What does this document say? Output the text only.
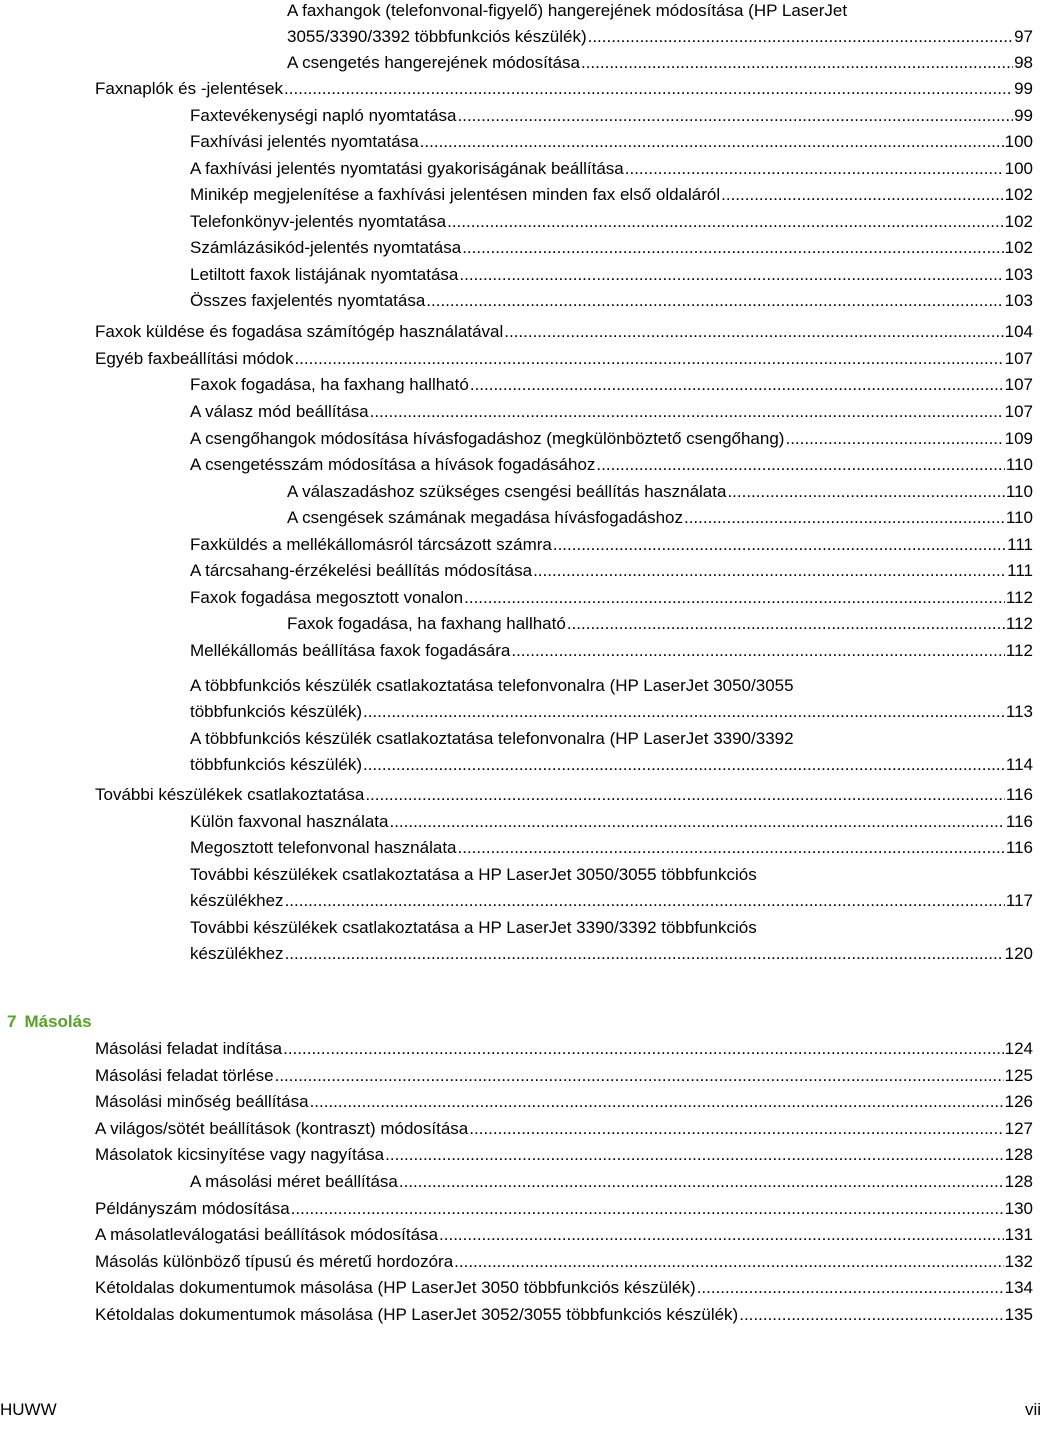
A faxhangok (telefonvonal-figyelő) hangerejének módosítása (HP LaserJet
3055/3390/3392 többfunkciós készülék) .....	97
A csengetés hangerejének módosítása .....	98
Faxnaplók és -jelentések .....	99
Faxtevékenységi napló nyomtatása .....	99
Faxhívási jelentés nyomtatása .....	100
A faxhívási jelentés nyomtatási gyakoriságának beállítása .....	100
Minikép megjelenítése a faxhívási jelentésen minden fax első oldaláról .....	102
Telefonkönyv-jelentés nyomtatása .....	102
Számlázásikód-jelentés nyomtatása .....	102
Letiltott faxok listájának nyomtatása .....	103
Összes faxjelentés nyomtatása .....	103
Faxok küldése és fogadása számítógép használatával .....	104
Egyéb faxbeállítási módok .....	107
Faxok fogadása, ha faxhang hallható .....	107
A válasz mód beállítása .....	107
A csengőhangok módosítása hívásfogadáshoz (megkülönböztető csengőhang) .....	109
A csengetésszám módosítása a hívások fogadásához .....	110
A válaszadáshoz szükséges csengési beállítás használata .....	110
A csengések számának megadása hívásfogadáshoz .....	110
Faxküldés a mellékállomásról tárcsázott számra .....	111
A tárcsahang-érzékelési beállítás módosítása .....	111
Faxok fogadása megosztott vonalon .....	112
Faxok fogadása, ha faxhang hallható .....	112
Mellékállomás beállítása faxok fogadására .....	112
A többfunkciós készülék csatlakoztatása telefonvonalra (HP LaserJet 3050/3055
többfunkciós készülék) .....	113
A többfunkciós készülék csatlakoztatása telefonvonalra (HP LaserJet 3390/3392
többfunkciós készülék) .....	114
További készülékek csatlakoztatása .....	116
Külön faxvonal használata .....	116
Megosztott telefonvonal használata .....	116
További készülékek csatlakoztatása a HP LaserJet 3050/3055 többfunkciós
készülékhez .....	117
További készülékek csatlakoztatása a HP LaserJet 3390/3392 többfunkciós
készülékhez .....	120
7 Másolás
Másolási feladat indítása .....	124
Másolási feladat törlése .....	125
Másolási minőség beállítása .....	126
A világos/sötét beállítások (kontraszt) módosítása .....	127
Másolatok kicsinyítése vagy nagyítása .....	128
A másolási méret beállítása .....	128
Példányszám módosítása .....	130
A másolatleválogatási beállítások módosítása .....	131
Másolás különböző típusú és méretű hordozóra .....	132
Kétoldalas dokumentumok másolása (HP LaserJet 3050 többfunkciós készülék) .....	134
Kétoldalas dokumentumok másolása (HP LaserJet 3052/3055 többfunkciós készülék) .....	135
HUWW	vii
